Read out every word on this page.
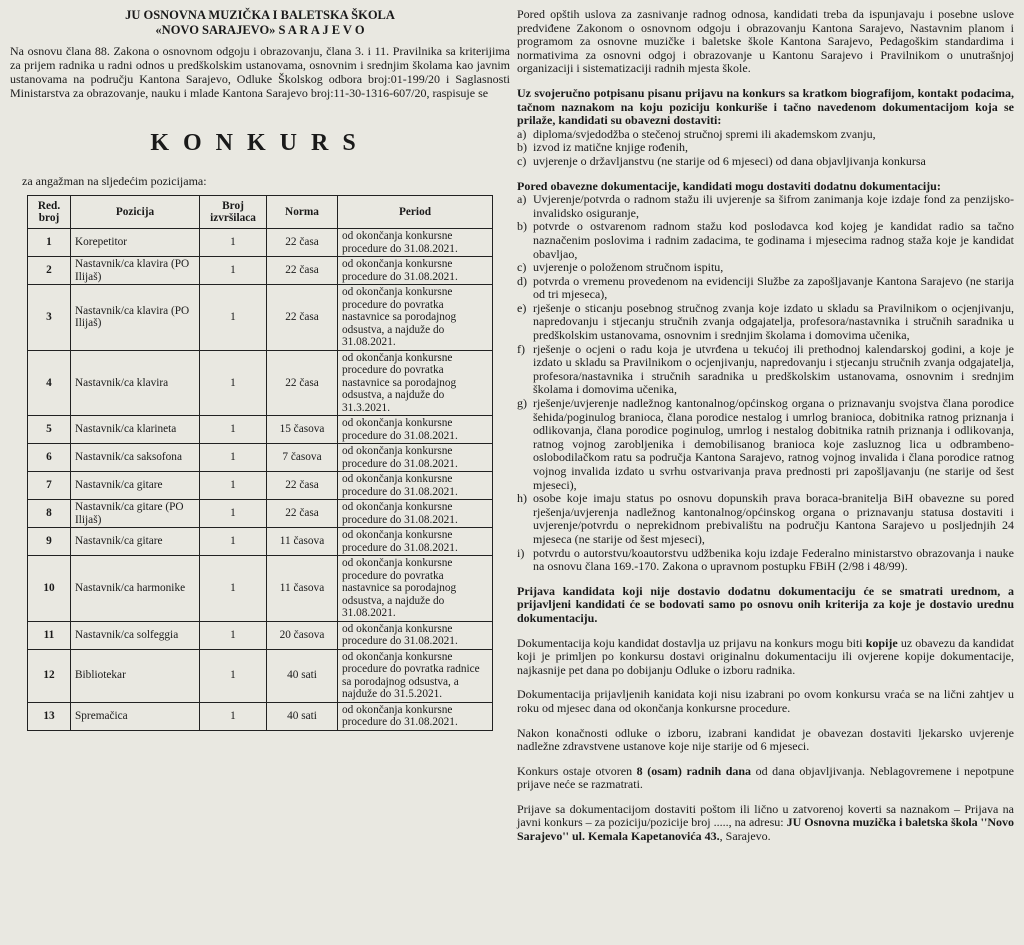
JU OSNOVNA MUZIČKA I BALETSKA ŠKOLA
«NOVO SARAJEVO» S A R A J E V O

Na osnovu člana 88. Zakona o osnovnom odgoju i obrazovanju, člana 3. i 11. Pravilnika sa kriterijima za prijem radnika u radni odnos u predškolskim ustanovama, osnovnim i srednjim školama kao javnim ustanovama na području Kantona Sarajevo, Odluke Školskog odbora broj:01-199/20 i Saglasnosti Ministarstva za obrazovanje, nauku i mlade Kantona Sarajevo broj:11-30-1316-607/20, raspisuje se

KONKURS
za angažman na sljedećim pozicijama:
Red. broj	Pozicija	Broj izvršilaca	Norma	Period
1	Korepetitor	1	22 časa	od okončanja konkursne procedure do 31.08.2021.
2	Nastavnik/ca klavira (PO Ilijaš)	1	22 časa	od okončanja konkursne procedure do 31.08.2021.
3	Nastavnik/ca klavira (PO Ilijaš)	1	22 časa	od okončanja konkursne procedure do povratka nastavnice sa porodajnog odsustva, a najduže do 31.08.2021.
4	Nastavnik/ca klavira	1	22 časa	od okončanja konkursne procedure do povratka nastavnice sa porodajnog odsustva, a najduže do 31.3.2021.
5	Nastavnik/ca klarineta	1	15 časova	od okončanja konkursne procedure do 31.08.2021.
6	Nastavnik/ca saksofona	1	7 časova	od okončanja konkursne procedure do 31.08.2021.
7	Nastavnik/ca gitare	1	22 časa	od okončanja konkursne procedure do 31.08.2021.
8	Nastavnik/ca gitare (PO Ilijaš)	1	22 časa	od okončanja konkursne procedure do 31.08.2021.
9	Nastavnik/ca gitare	1	11 časova	od okončanja konkursne procedure do 31.08.2021.
10	Nastavnik/ca harmonike	1	11 časova	od okončanja konkursne procedure do povratka nastavnice sa porodajnog odsustva, a najduže do 31.08.2021.
11	Nastavnik/ca solfeggia	1	20 časova	od okončanja konkursne procedure do 31.08.2021.
12	Bibliotekar	1	40 sati	od okončanja konkursne procedure do povratka radnice sa porodajnog odsustva, a najduže do 31.5.2021.
13	Spremačica	1	40 sati	od okončanja konkursne procedure do 31.08.2021.

Pored opštih uslova za zasnivanje radnog odnosa, kandidati treba da ispunjavaju i posebne uslove predviđene Zakonom o osnovnom odgoju i obrazovanju Kantona Sarajevo, Nastavnim planom i programom za osnovne muzičke i baletske škole Kantona Sarajevo, Pedagoškim standardima i normativima za osnovni odgoj i obrazovanje u Kantonu Sarajevo i Pravilnikom o unutrašnjoj organizaciji i sistematizaciji radnih mjesta škole.

Uz svojeručno potpisanu pisanu prijavu na konkurs sa kratkom biografijom, kontakt podacima, tačnom naznakom na koju poziciju konkuriše i tačno navedenom dokumentacijom koja se prilaže, kandidati su obavezni dostaviti:

a) diploma/svjedodžba o stečenoj stručnoj spremi ili akademskom zvanju,
b) izvod iz matične knjige rođenih,
c) uvjerenje o državljanstvu (ne starije od 6 mjeseci) od dana objavljivanja konkursa

Pored obavezne dokumentacije, kandidati mogu dostaviti dodatnu dokumentaciju:

a) Uvjerenje/potvrda o radnom stažu ili uvjerenje sa šifrom zanimanja koje izdaje fond za penzijsko-invalidsko osiguranje,
b) potvrde o ostvarenom radnom stažu kod poslodavca kod kojeg je kandidat radio sa tačno naznačenim poslovima i radnim zadacima, te godinama i mjesecima radnog staža koje je kandidat obavljao,
c) uvjerenje o položenom stručnom ispitu,
d) potvrda o vremenu provedenom na evidenciji Službe za zapošljavanje Kantona Sarajevo (ne starija od tri mjeseca),
e) rješenje o sticanju posebnog stručnog zvanja koje izdato u skladu sa Pravilnikom o ocjenjivanju, napredovanju i stjecanju stručnih zvanja odgajatelja, profesora/nastavnika i stručnih saradnika u predškolskim ustanovama, osnovnim i srednjim školama i domovima učenika,
f) rješenje o ocjeni o radu koja je utvrđena u tekućoj ili prethodnoj kalendarskoj godini, a koje je izdato u skladu sa Pravilnikom o ocjenjivanju, napredovanju i stjecanju stručnih zvanja odgajatelja, profesora/nastavnika i stručnih saradnika u predškolskim ustanovama, osnovnim i srednjim školama i domovima učenika,
g) rješenje/uvjerenje nadležnog kantonalnog/općinskog organa o priznavanju svojstva člana porodice šehida/poginulog branioca, člana porodice nestalog i umrlog branioca, dobitnika ratnog priznanja i odlikovanja, člana porodice poginulog, umrlog i nestalog dobitnika ratnih priznanja i odlikovanja, ratnog vojnog zarobljenika i demobilisanog branioca koje zasluznog lica u odbrambeno-oslobodilačkom ratu sa područja Kantona Sarajevo, ratnog vojnog invalida i člana porodice ratnog vojnog invalida izdato u svrhu ostvarivanja prava prednosti pri zapošljavanju (ne starije od šest mjeseci),
h) osobe koje imaju status po osnovu dopunskih prava boraca-branitelja BiH obavezne su pored rješenja/uvjerenja nadležnog kantonalnog/općinskog organa o priznavanju statusa dostaviti i uvjerenje/potvrdu o neprekidnom prebivalištu na području Kantona Sarajevo u posljednjih 24 mjeseca (ne starije od šest mjeseci),
i) potvrdu o autorstvu/koautorstvu udžbenika koju izdaje Federalno ministarstvo obrazovanja i nauke na osnovu člana 169.-170. Zakona o upravnom postupku FBiH (2/98 i 48/99).

Prijava kandidata koji nije dostavio dodatnu dokumentaciju će se smatrati urednom, a prijavljeni kandidati će se bodovati samo po osnovu onih kriterija za koje je dostavio urednu dokumentaciju.

Dokumentacija koju kandidat dostavlja uz prijavu na konkurs mogu biti kopije uz obavezu da kandidat koji je primljen po konkursu dostavi originalnu dokumentaciju ili ovjerene kopije dokumentacije, najkasnije pet dana po dobijanju Odluke o izboru radnika.

Dokumentacija prijavljenih kanidata koji nisu izabrani po ovom konkursu vraća se na lični zahtjev u roku od mjesec dana od okončanja konkursne procedure.

Nakon konačnosti odluke o izboru, izabrani kandidat je obavezan dostaviti ljekarsko uvjerenje nadležne zdravstvene ustanove koje nije starije od 6 mjeseci.

Konkurs ostaje otvoren 8 (osam) radnih dana od dana objavljivanja. Neblagovremene i nepotpune prijave neće se razmatrati.

Prijave sa dokumentacijom dostaviti poštom ili lično u zatvorenoj koverti sa naznakom – Prijava na javni konkurs – za poziciju/pozicije broj ....., na adresu: JU Osnovna muzička i baletska škola ''Novo Sarajevo'' ul. Kemala Kapetanovića 43., Sarajevo.
